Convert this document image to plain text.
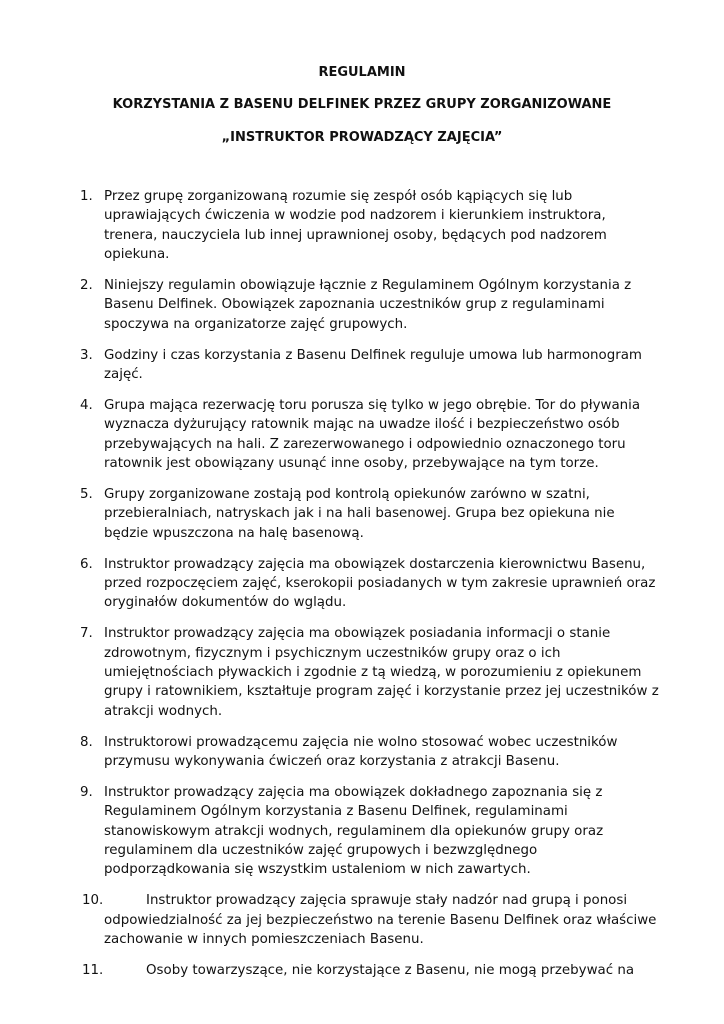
REGULAMIN

KORZYSTANIA Z BASENU DELFINEK PRZEZ GRUPY ZORGANIZOWANE

„INSTRUKTOR PROWADZĄCY ZAJĘCIA”

1. Przez grupę zorganizowaną rozumie się zespół osób kąpiących się lub uprawiających ćwiczenia w wodzie pod nadzorem i kierunkiem instruktora, trenera, nauczyciela lub innej uprawnionej osoby, będących pod nadzorem opiekuna.
2. Niniejszy regulamin obowiązuje łącznie z Regulaminem Ogólnym korzystania z Basenu Delfinek. Obowiązek zapoznania uczestników grup z regulaminami spoczywa na organizatorze zajęć grupowych.
3. Godziny i czas korzystania z Basenu Delfinek reguluje umowa lub harmonogram zajęć.
4. Grupa mająca rezerwację toru porusza się tylko w jego obrębie. Tor do pływania wyznacza dyżurujący ratownik mając na uwadze ilość i bezpieczeństwo osób przebywających na hali. Z zarezerwowanego i odpowiednio oznaczonego toru ratownik jest obowiązany usunąć inne osoby, przebywające na tym torze.
5. Grupy zorganizowane zostają pod kontrolą opiekunów zarówno w szatni, przebieralniach, natryskach jak i na hali basenowej. Grupa bez opiekuna nie będzie wpuszczona na halę basenową.
6. Instruktor prowadzący zajęcia ma obowiązek dostarczenia kierownictwu Basenu, przed rozpoczęciem zajęć, kserokopii posiadanych w tym zakresie uprawnień oraz oryginałów dokumentów do wglądu.
7. Instruktor prowadzący zajęcia ma obowiązek posiadania informacji o stanie zdrowotnym, fizycznym i psychicznym uczestników grupy oraz o ich umiejętnościach pływackich i zgodnie z tą wiedzą, w porozumieniu z opiekunem grupy i ratownikiem, kształtuje program zajęć i korzystanie przez jej uczestników z atrakcji wodnych.
8. Instruktorowi prowadzącemu zajęcia nie wolno stosować wobec uczestników przymusu wykonywania ćwiczeń oraz korzystania z atrakcji Basenu.
9. Instruktor prowadzący zajęcia ma obowiązek dokładnego zapoznania się z Regulaminem Ogólnym korzystania z Basenu Delfinek, regulaminami stanowiskowym atrakcji wodnych, regulaminem dla opiekunów grupy oraz regulaminem dla uczestników zajęć grupowych i bezwzględnego podporządkowania się wszystkim ustaleniom w nich zawartych.
10.	Instruktor prowadzący zajęcia sprawuje stały nadzór nad grupą i ponosi odpowiedzialność za jej bezpieczeństwo na terenie Basenu Delfinek oraz właściwe zachowanie w innych pomieszczeniach Basenu.
11.	Osoby towarzyszące, nie korzystające z Basenu, nie mogą przebywać na
